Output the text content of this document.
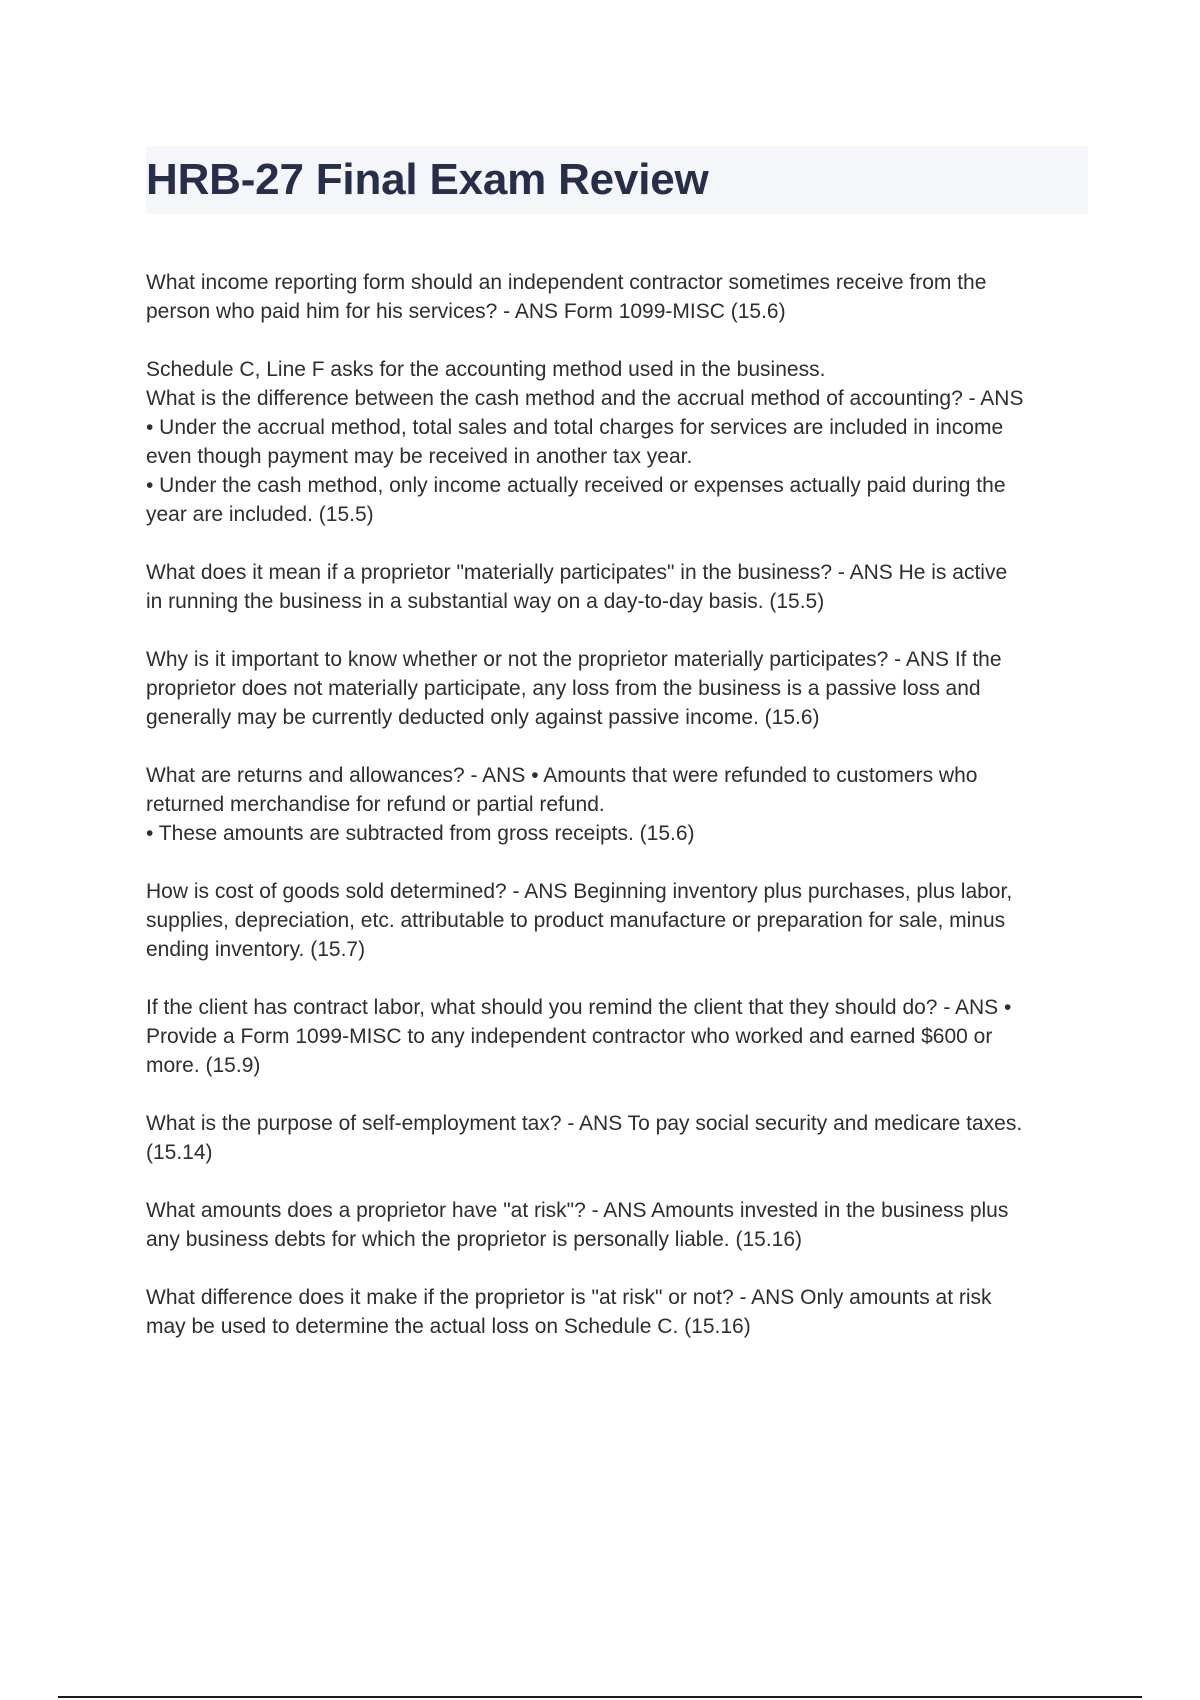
HRB-27 Final Exam Review

What income reporting form should an independent contractor sometimes receive from the
person who paid him for his services? - ANS Form 1099-MISC (15.6)

Schedule C, Line F asks for the accounting method used in the business.
What is the difference between the cash method and the accrual method of accounting? - ANS
• Under the accrual method, total sales and total charges for services are included in income
even though payment may be received in another tax year.
• Under the cash method, only income actually received or expenses actually paid during the
year are included. (15.5)

What does it mean if a proprietor "materially participates" in the business? - ANS He is active
in running the business in a substantial way on a day-to-day basis. (15.5)

Why is it important to know whether or not the proprietor materially participates? - ANS If the
proprietor does not materially participate, any loss from the business is a passive loss and
generally may be currently deducted only against passive income. (15.6)

What are returns and allowances? - ANS • Amounts that were refunded to customers who
returned merchandise for refund or partial refund.
• These amounts are subtracted from gross receipts. (15.6)

How is cost of goods sold determined? - ANS Beginning inventory plus purchases, plus labor,
supplies, depreciation, etc. attributable to product manufacture or preparation for sale, minus
ending inventory. (15.7)

If the client has contract labor, what should you remind the client that they should do? - ANS •
Provide a Form 1099-MISC to any independent contractor who worked and earned $600 or
more. (15.9)

What is the purpose of self-employment tax? - ANS To pay social security and medicare taxes.
(15.14)

What amounts does a proprietor have "at risk"? - ANS Amounts invested in the business plus
any business debts for which the proprietor is personally liable. (15.16)

What difference does it make if the proprietor is "at risk" or not? - ANS Only amounts at risk
may be used to determine the actual loss on Schedule C. (15.16)
